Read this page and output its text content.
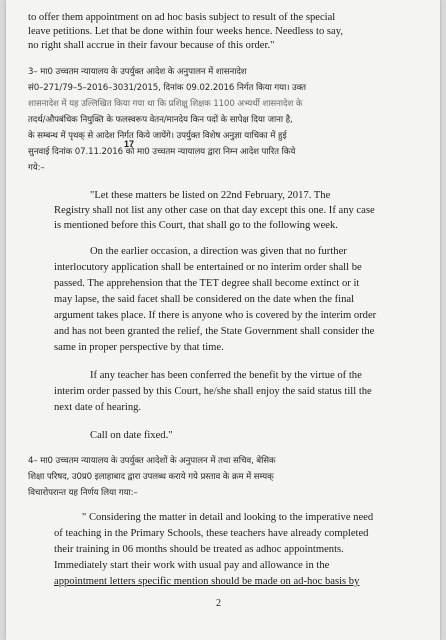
to offer them appointment on ad hoc basis subject to result of the special
leave petitions. Let that be done within four weeks hence. Needless to say,
no right shall accrue in their favour because of this order."
3– मा0 उच्चतम न्यायालय के उपर्युक्त आदेश के अनुपालन में शासनादेश
सं0–271/79–5–2016–3031/2015, दिनांक 09.02.2016 निर्गत किया गया। उक्त
शासनादेश में यह उल्लिखित किया गया था कि प्रशिक्षु शिक्षक 1100 अभ्यर्थी शासनादेश के
तदर्थ/औपबंधिक नियुक्ति के फलस्वरूप वेतन/मानदेय किन पदों के सापेक्ष दिया जाना है,
के सम्बन्ध में पृथक् से आदेश निर्गत किये जायेंगे। उपर्युक्त विशेष अनुज्ञा याचिका में हुई
सुनवाई दिनांक 07.11.2016 को मा0 उच्चतम न्यायालय द्वारा निम्न आदेश पारित किये
गये:–
17
"Let these matters be listed on 22nd February, 2017. The
Registry shall not list any other case on that day except this one. If any case
is mentioned before this Court, that shall go to the following week.
On the earlier occasion, a direction was given that no further
interlocutory application shall be entertained or no interim order shall be
passed. The apprehension that the TET degree shall become extinct or it
may lapse, the said facet shall be considered on the date when the final
argument takes place. If there is anyone who is covered by the interim order
and has not been granted the relief, the State Government shall consider the
same in proper perspective by that time.
If any teacher has been conferred the benefit by the virtue of the
interim order passed by this Court, he/she shall enjoy the said status till the
next date of hearing.
Call on date fixed."
4– मा0 उच्चतम न्यायालय के उपर्युक्त आदेशों के अनुपालन में तथा सचिव, बेसिक
शिक्षा परिषद, उ0प्र0 इलाहाबाद द्वारा उपलब्ध कराये गये प्रस्ताव के क्रम में सम्यक्
विचारोपरान्त यह निर्णय लिया गया:–
" Considering the matter in detail and looking to the imperative need
of teaching in the Primary Schools, these teachers have already completed
their training in 06 months should be treated as adhoc appointments.
Immediately start their work with usual pay and allowance in the
appointment letters specific mention should be made on ad-hoc basis by
2
